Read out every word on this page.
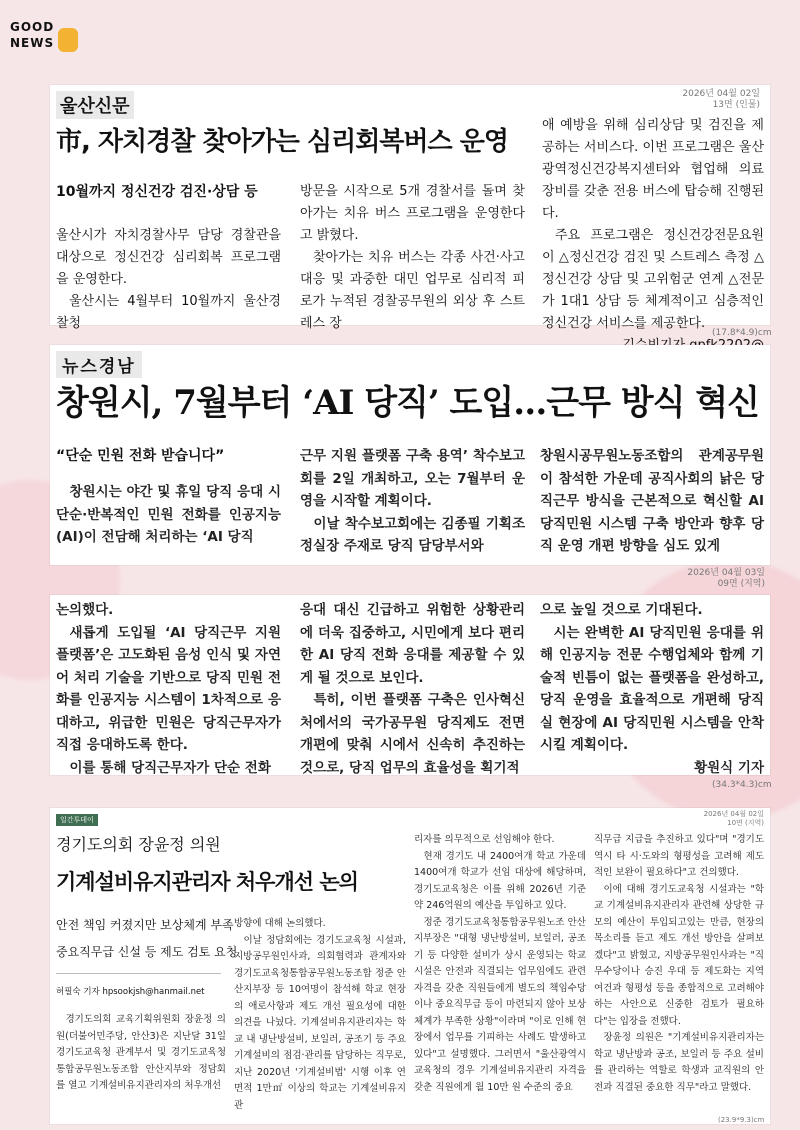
GOOD
NEWS
울산신문
2026년 04월 02일
13면 (인물)
市, 자치경찰 찾아가는 심리회복버스 운영
10월까지 정신건강 검진·상담 등

울산시가 자치경찰사무 담당 경찰관을 대상으로 정신건강 심리회복 프로그램을 운영한다.

울산시는 4월부터 10월까지 울산경찰청

방문을 시작으로 5개 경찰서를 돌며 찾아가는 치유 버스 프로그램을 운영한다고 밝혔다.

찾아가는 치유 버스는 각종 사건·사고 대응 및 과중한 대민 업무로 심리적 피로가 누적된 경찰공무원의 외상 후 스트레스 장

애 예방을 위해 심리상담 및 검진을 제공하는 서비스다. 이번 프로그램은 울산광역정신건강복지센터와 협업해 의료 장비를 갖춘 전용 버스에 탑승해 진행된다.

주요 프로그램은 정신건강전문요원이 △정신건강 검진 및 스트레스 측정 △정신건강 상담 및 고위험군 연계 △전문가 1대1 상담 등 체계적이고 심층적인 정신건강 서비스를 제공한다.

(17.8*4.9)cm
뉴스경남
창원시, 7월부터 ‘AI 당직’ 도입…근무 방식 혁신
“단순 민원 전화 받습니다”

창원시는 야간 및 휴일 당직 응대 시 단순·반복적인 민원 전화를 인공지능(AI)이 전담해 처리하는 ‘AI 당직

근무 지원 플랫폼 구축 용역’ 착수보고회를 2일 개최하고, 오는 7월부터 운영을 시작할 계획이다.

이날 착수보고회에는 김종필 기획조정실장 주재로 당직 담당부서와

창원시공무원노동조합의 관계공무원이 참석한 가운데 공직사회의 낡은 당직근무 방식을 근본적으로 혁신할 AI 당직민원 시스템 구축 방안과 향후 당직 운영 개편 방향을 심도 있게

2026년 04월 03일
09면 (지역)

논의했다.

새롭게 도입될 ‘AI 당직근무 지원 플랫폼’은 고도화된 음성 인식 및 자연어 처리 기술을 기반으로 당직 민원 전화를 인공지능 시스템이 1차적으로 응대하고, 위급한 민원은 당직근무자가 직접 응대하도록 한다.

이를 통해 당직근무자가 단순 전화

응대 대신 긴급하고 위험한 상황관리에 더욱 집중하고, 시민에게 보다 편리한 AI 당직 전화 응대를 제공할 수 있게 될 것으로 보인다.

특히, 이번 플랫폼 구축은 인사혁신처에서의 국가공무원 당직제도 전면 개편에 맞춰 시에서 신속히 추진하는 것으로, 당직 업무의 효율성을 획기적

으로 높일 것으로 기대된다.

시는 완벽한 AI 당직민원 응대를 위해 인공지능 전문 수행업체와 함께 기술적 빈틈이 없는 플랫폼을 완성하고, 당직 운영을 효율적으로 개편해 당직실 현장에 AI 당직민원 시스템을 안착시킬 계획이다.

황원식 기자

(34.3*4.3)cm
일간투데이
2026년 04월 02일
10면 (지역)
경기도의회 장윤정 의원
기계설비유지관리자 처우개선 논의
안전 책임 커졌지만 보상체계 부족
중요직무급 신설 등 제도 검토 요청
허필숙 기자 hpsookjsh@hanmail.net

경기도의회 교육기획위원회 장윤정 의원(더불어민주당, 안산3)은 지난달 31일 경기도교육청 관계부서 및 경기도교육청통합공무원노동조합 안산지부와 정담회를 열고 기계설비유지관리자의 처우개선

방향에 대해 논의했다.

이날 정담회에는 경기도교육청 시설과, 지방공무원인사과, 의회협력과 관계자와 경기도교육청통합공무원노동조합 정준 안산지부장 등 10여명이 참석해 학교 현장의 애로사항과 제도 개선 필요성에 대한 의견을 나눴다. 기계설비유지관리자는 학교 내 냉난방설비, 보일러, 공조기 등 주요 기계설비의 점검·관리를 담당하는 직무로, 지난 2020년 '기계설비법' 시행 이후 연면적 1만㎡ 이상의 학교는 기계설비유지관

리자를 의무적으로 선임해야 한다.

현재 경기도 내 2400여개 학교 가운데 1400여개 학교가 선임 대상에 해당하며, 경기도교육청은 이를 위해 2026년 기준 약 246억원의 예산을 투입하고 있다.

정준 경기도교육청통합공무원노조 안산지부장은 "대형 냉난방설비, 보일러, 공조기 등 다양한 설비가 상시 운영되는 학교 시설은 안전과 직결되는 업무임에도 관련 자격을 갖춘 직원들에게 별도의 책임수당이나 중요직무급 등이 마련되지 않아 보상체계가 부족한 상황"이라며 "이로 인해 현장에서 업무를 기피하는 사례도 발생하고 있다"고 설명했다. 그러면서 "울산광역시교육청의 경우 기계설비유지관리 자격을 갖춘 직원에게 월 10만 원 수준의 중요

직무급 지급을 추진하고 있다"며 "경기도 역시 타 시·도와의 형평성을 고려해 제도적인 보완이 필요하다"고 건의했다.

이에 대해 경기도교육청 시설과는 "학교 기계설비유지관리자 관련해 상당한 규모의 예산이 투입되고있는 만큼, 현장의 목소리를 듣고 제도 개선 방안을 살펴보겠다"고 밝혔고, 지방공무원인사과는 "직무수당이나 승진 우대 등 제도화는 지역 여건과 형평성 등을 종합적으로 고려해야 하는 사안으로 신중한 검토가 필요하다"는 입장을 전했다.

장윤정 의원은 "기계설비유지관리자는 학교 냉난방과 공조, 보일러 등 주요 설비를 관리하는 역할로 학생과 교직원의 안전과 직결된 중요한 직무"라고 말했다.

(23.9*9.3)cm
